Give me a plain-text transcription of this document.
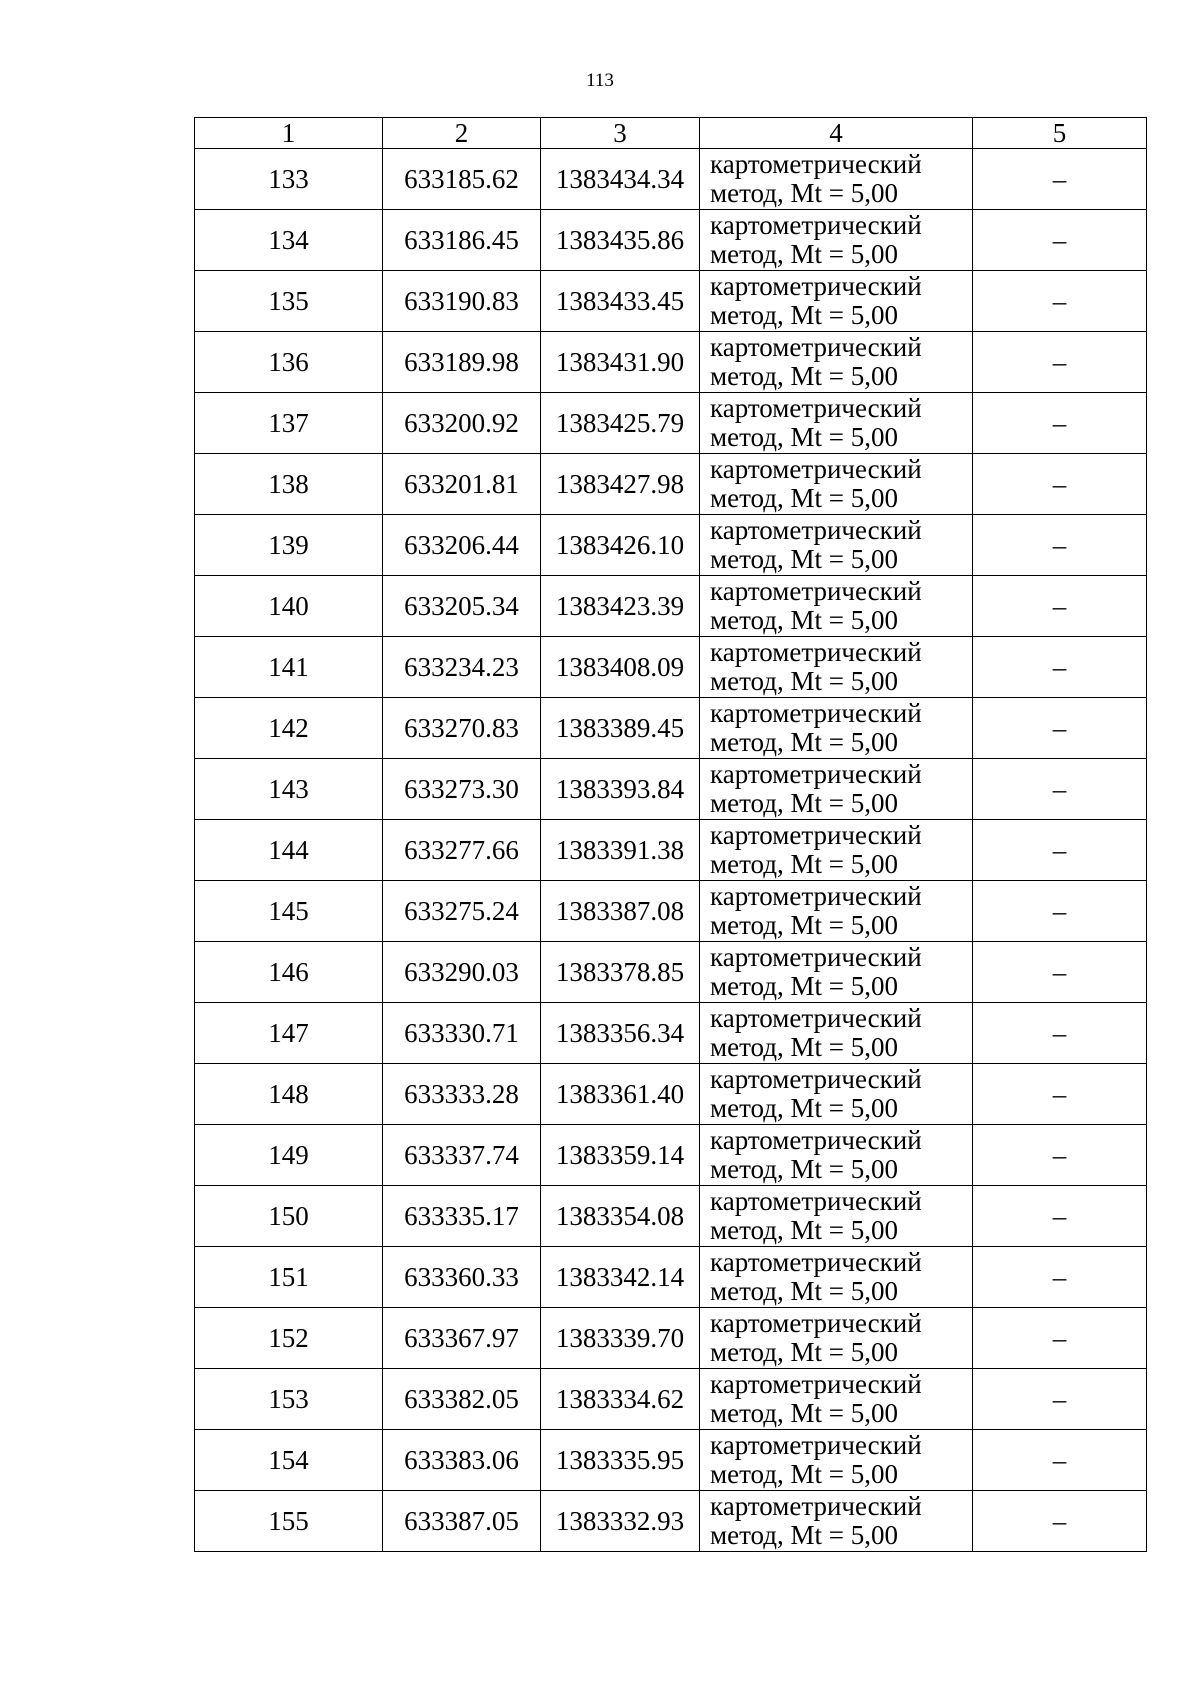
113
1	2	3	4	5
133	633185.62	1383434.34	картометрический
метод, Mt = 5,00	–
134	633186.45	1383435.86	картометрический
метод, Mt = 5,00	–
135	633190.83	1383433.45	картометрический
метод, Mt = 5,00	–
136	633189.98	1383431.90	картометрический
метод, Mt = 5,00	–
137	633200.92	1383425.79	картометрический
метод, Mt = 5,00	–
138	633201.81	1383427.98	картометрический
метод, Mt = 5,00	–
139	633206.44	1383426.10	картометрический
метод, Mt = 5,00	–
140	633205.34	1383423.39	картометрический
метод, Mt = 5,00	–
141	633234.23	1383408.09	картометрический
метод, Mt = 5,00	–
142	633270.83	1383389.45	картометрический
метод, Mt = 5,00	–
143	633273.30	1383393.84	картометрический
метод, Mt = 5,00	–
144	633277.66	1383391.38	картометрический
метод, Mt = 5,00	–
145	633275.24	1383387.08	картометрический
метод, Mt = 5,00	–
146	633290.03	1383378.85	картометрический
метод, Mt = 5,00	–
147	633330.71	1383356.34	картометрический
метод, Mt = 5,00	–
148	633333.28	1383361.40	картометрический
метод, Mt = 5,00	–
149	633337.74	1383359.14	картометрический
метод, Mt = 5,00	–
150	633335.17	1383354.08	картометрический
метод, Mt = 5,00	–
151	633360.33	1383342.14	картометрический
метод, Mt = 5,00	–
152	633367.97	1383339.70	картометрический
метод, Mt = 5,00	–
153	633382.05	1383334.62	картометрический
метод, Mt = 5,00	–
154	633383.06	1383335.95	картометрический
метод, Mt = 5,00	–
155	633387.05	1383332.93	картометрический
метод, Mt = 5,00	–
